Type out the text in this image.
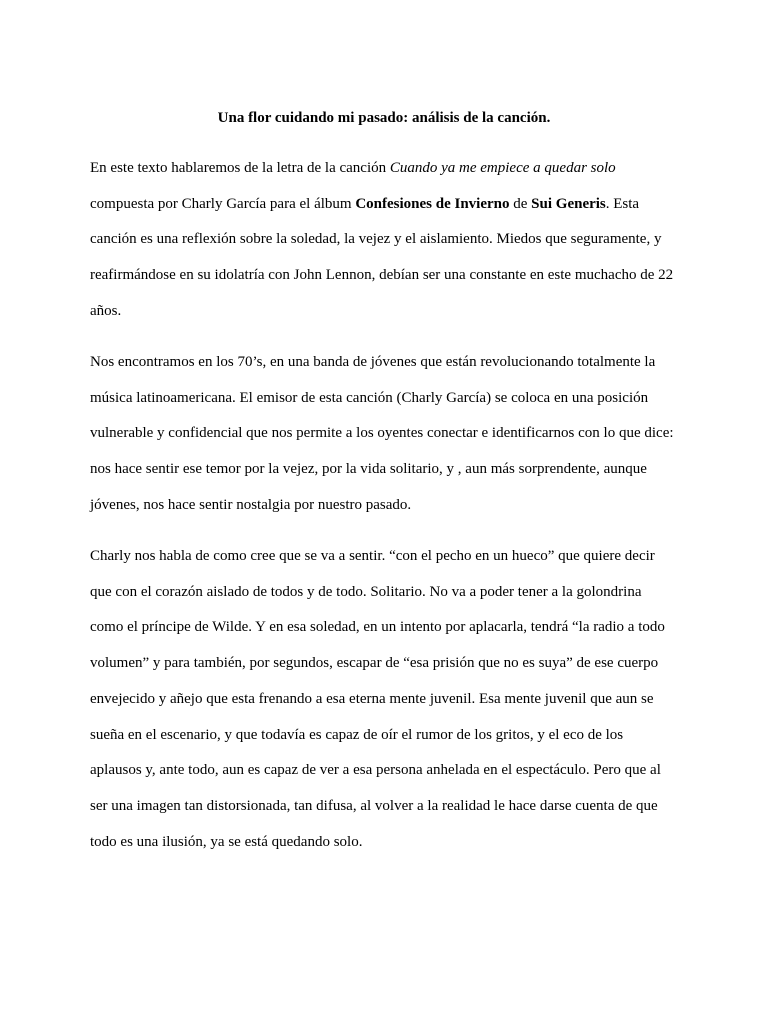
Una flor cuidando mi pasado: análisis de la canción.

En este texto hablaremos de la letra de la canción Cuando ya me empiece a quedar solo
compuesta por Charly García para el álbum Confesiones de Invierno de Sui Generis. Esta
canción es una reflexión sobre la soledad, la vejez y el aislamiento. Miedos que seguramente, y
reafirmándose en su idolatría con John Lennon, debían ser una constante en este muchacho de 22
años.

Nos encontramos en los 70’s, en una banda de jóvenes que están revolucionando totalmente la
música latinoamericana. El emisor de esta canción (Charly García) se coloca en una posición
vulnerable y confidencial que nos permite a los oyentes conectar e identificarnos con lo que dice:
nos hace sentir ese temor por la vejez, por la vida solitario, y , aun más sorprendente, aunque
jóvenes, nos hace sentir nostalgia por nuestro pasado.

Charly nos habla de como cree que se va a sentir. “con el pecho en un hueco” que quiere decir
que con el corazón aislado de todos y de todo. Solitario. No va a poder tener a la golondrina
como el príncipe de Wilde. Y en esa soledad, en un intento por aplacarla, tendrá “la radio a todo
volumen” y para también, por segundos, escapar de “esa prisión que no es suya” de ese cuerpo
envejecido y añejo que esta frenando a esa eterna mente juvenil. Esa mente juvenil que aun se
sueña en el escenario, y que todavía es capaz de oír el rumor de los gritos, y el eco de los
aplausos y, ante todo, aun es capaz de ver a esa persona anhelada en el espectáculo. Pero que al
ser una imagen tan distorsionada, tan difusa, al volver a la realidad le hace darse cuenta de que
todo es una ilusión, ya se está quedando solo.
